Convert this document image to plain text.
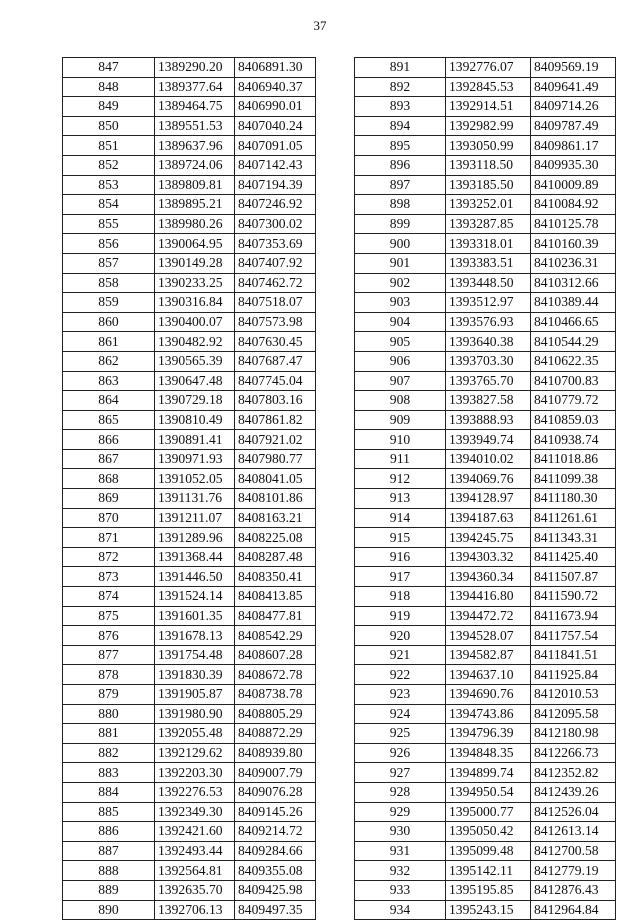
37
847	1389290.20	8406891.30
848	1389377.64	8406940.37
849	1389464.75	8406990.01
850	1389551.53	8407040.24
851	1389637.96	8407091.05
852	1389724.06	8407142.43
853	1389809.81	8407194.39
854	1389895.21	8407246.92
855	1389980.26	8407300.02
856	1390064.95	8407353.69
857	1390149.28	8407407.92
858	1390233.25	8407462.72
859	1390316.84	8407518.07
860	1390400.07	8407573.98
861	1390482.92	8407630.45
862	1390565.39	8407687.47
863	1390647.48	8407745.04
864	1390729.18	8407803.16
865	1390810.49	8407861.82
866	1390891.41	8407921.02
867	1390971.93	8407980.77
868	1391052.05	8408041.05
869	1391131.76	8408101.86
870	1391211.07	8408163.21
871	1391289.96	8408225.08
872	1391368.44	8408287.48
873	1391446.50	8408350.41
874	1391524.14	8408413.85
875	1391601.35	8408477.81
876	1391678.13	8408542.29
877	1391754.48	8408607.28
878	1391830.39	8408672.78
879	1391905.87	8408738.78
880	1391980.90	8408805.29
881	1392055.48	8408872.29
882	1392129.62	8408939.80
883	1392203.30	8409007.79
884	1392276.53	8409076.28
885	1392349.30	8409145.26
886	1392421.60	8409214.72
887	1392493.44	8409284.66
888	1392564.81	8409355.08
889	1392635.70	8409425.98
890	1392706.13	8409497.35
891	1392776.07	8409569.19
892	1392845.53	8409641.49
893	1392914.51	8409714.26
894	1392982.99	8409787.49
895	1393050.99	8409861.17
896	1393118.50	8409935.30
897	1393185.50	8410009.89
898	1393252.01	8410084.92
899	1393287.85	8410125.78
900	1393318.01	8410160.39
901	1393383.51	8410236.31
902	1393448.50	8410312.66
903	1393512.97	8410389.44
904	1393576.93	8410466.65
905	1393640.38	8410544.29
906	1393703.30	8410622.35
907	1393765.70	8410700.83
908	1393827.58	8410779.72
909	1393888.93	8410859.03
910	1393949.74	8410938.74
911	1394010.02	8411018.86
912	1394069.76	8411099.38
913	1394128.97	8411180.30
914	1394187.63	8411261.61
915	1394245.75	8411343.31
916	1394303.32	8411425.40
917	1394360.34	8411507.87
918	1394416.80	8411590.72
919	1394472.72	8411673.94
920	1394528.07	8411757.54
921	1394582.87	8411841.51
922	1394637.10	8411925.84
923	1394690.76	8412010.53
924	1394743.86	8412095.58
925	1394796.39	8412180.98
926	1394848.35	8412266.73
927	1394899.74	8412352.82
928	1394950.54	8412439.26
929	1395000.77	8412526.04
930	1395050.42	8412613.14
931	1395099.48	8412700.58
932	1395142.11	8412779.19
933	1395195.85	8412876.43
934	1395243.15	8412964.84
